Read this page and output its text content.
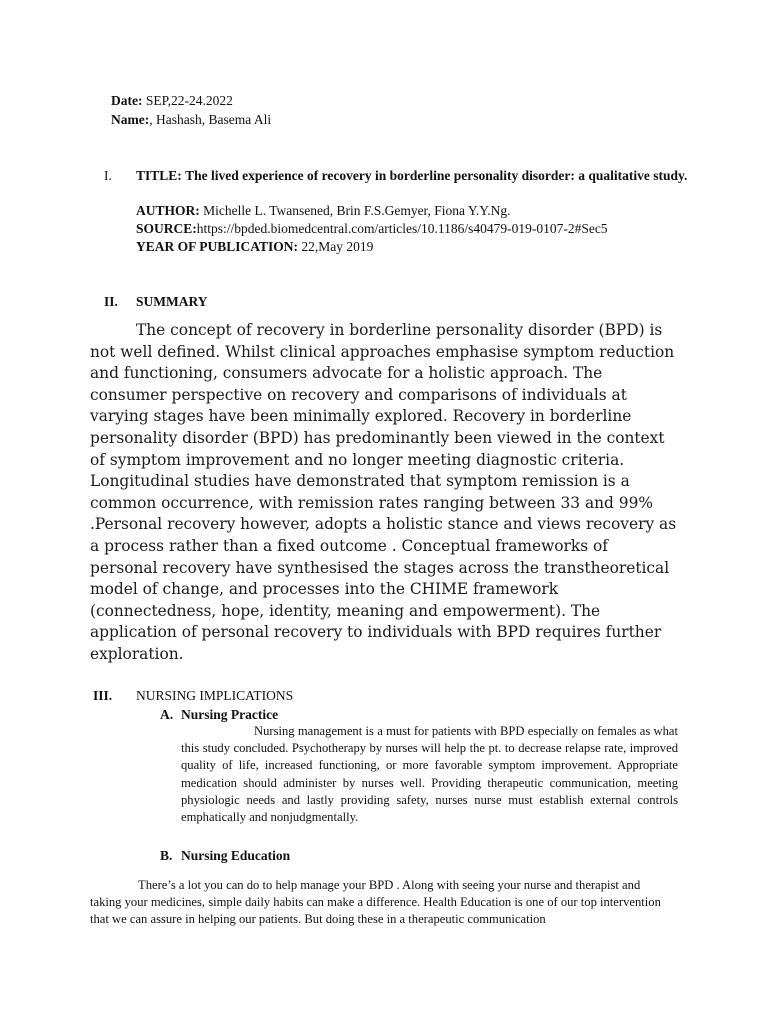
Date: SEP,22-24.2022
Name:, Hashash, Basema Ali
I. TITLE: The lived experience of recovery in borderline personality disorder: a qualitative study.
AUTHOR: Michelle L. Twansened, Brin F.S.Gemyer, Fiona Y.Y.Ng.
SOURCE:https://bpded.biomedcentral.com/articles/10.1186/s40479-019-0107-2#Sec5
YEAR OF PUBLICATION: 22,May 2019
II. SUMMARY
The concept of recovery in borderline personality disorder (BPD) is not well defined. Whilst clinical approaches emphasise symptom reduction and functioning, consumers advocate for a holistic approach. The consumer perspective on recovery and comparisons of individuals at varying stages have been minimally explored. Recovery in borderline personality disorder (BPD) has predominantly been viewed in the context of symptom improvement and no longer meeting diagnostic criteria. Longitudinal studies have demonstrated that symptom remission is a common occurrence, with remission rates ranging between 33 and 99% .Personal recovery however, adopts a holistic stance and views recovery as a process rather than a fixed outcome . Conceptual frameworks of personal recovery have synthesised the stages across the transtheoretical model of change, and processes into the CHIME framework (connectedness, hope, identity, meaning and empowerment). The application of personal recovery to individuals with BPD requires further exploration.
III. NURSING IMPLICATIONS
A. Nursing Practice
Nursing management is a must for patients with BPD especially on females as what this study concluded. Psychotherapy by nurses will help the pt. to decrease relapse rate, improved quality of life, increased functioning, or more favorable symptom improvement. Appropriate medication should administer by nurses well. Providing therapeutic communication, meeting physiologic needs and lastly providing safety, nurses nurse must establish external controls emphatically and nonjudgmentally.
B. Nursing Education
There’s a lot you can do to help manage your BPD . Along with seeing your nurse and therapist and taking your medicines, simple daily habits can make a difference. Health Education is one of our top intervention that we can assure in helping our patients. But doing these in a therapeutic communication
